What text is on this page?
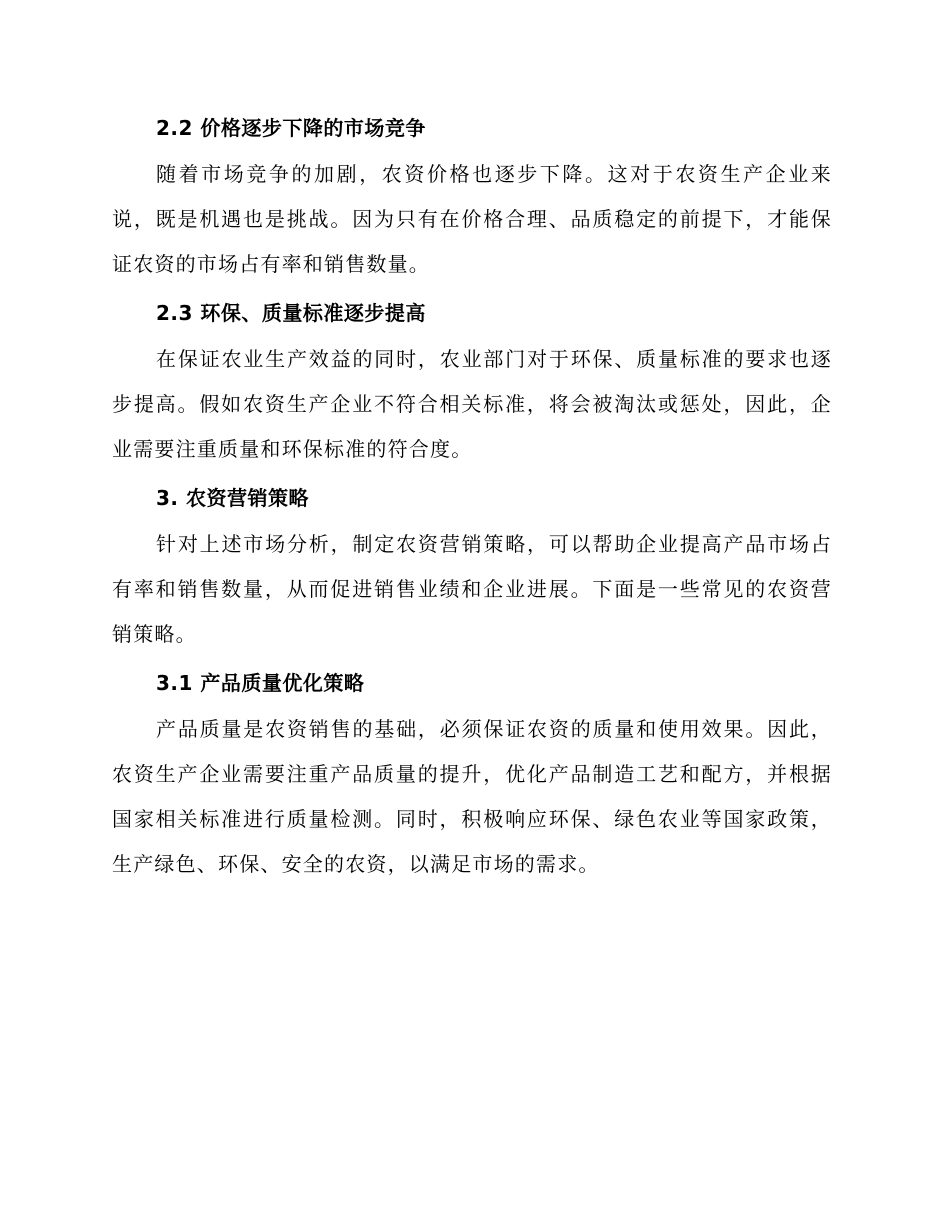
2.2 价格逐步下降的市场竞争

随着市场竞争的加剧，农资价格也逐步下降。这对于农资生产企业来说，既是机遇也是挑战。因为只有在价格合理、品质稳定的前提下，才能保证农资的市场占有率和销售数量。

2.3 环保、质量标准逐步提高

在保证农业生产效益的同时，农业部门对于环保、质量标准的要求也逐步提高。假如农资生产企业不符合相关标准，将会被淘汰或惩处，因此，企业需要注重质量和环保标准的符合度。

3. 农资营销策略

针对上述市场分析，制定农资营销策略，可以帮助企业提高产品市场占有率和销售数量，从而促进销售业绩和企业进展。下面是一些常见的农资营销策略。

3.1 产品质量优化策略

产品质量是农资销售的基础，必须保证农资的质量和使用效果。因此，农资生产企业需要注重产品质量的提升，优化产品制造工艺和配方，并根据国家相关标准进行质量检测。同时，积极响应环保、绿色农业等国家政策，生产绿色、环保、安全的农资，以满足市场的需求。
